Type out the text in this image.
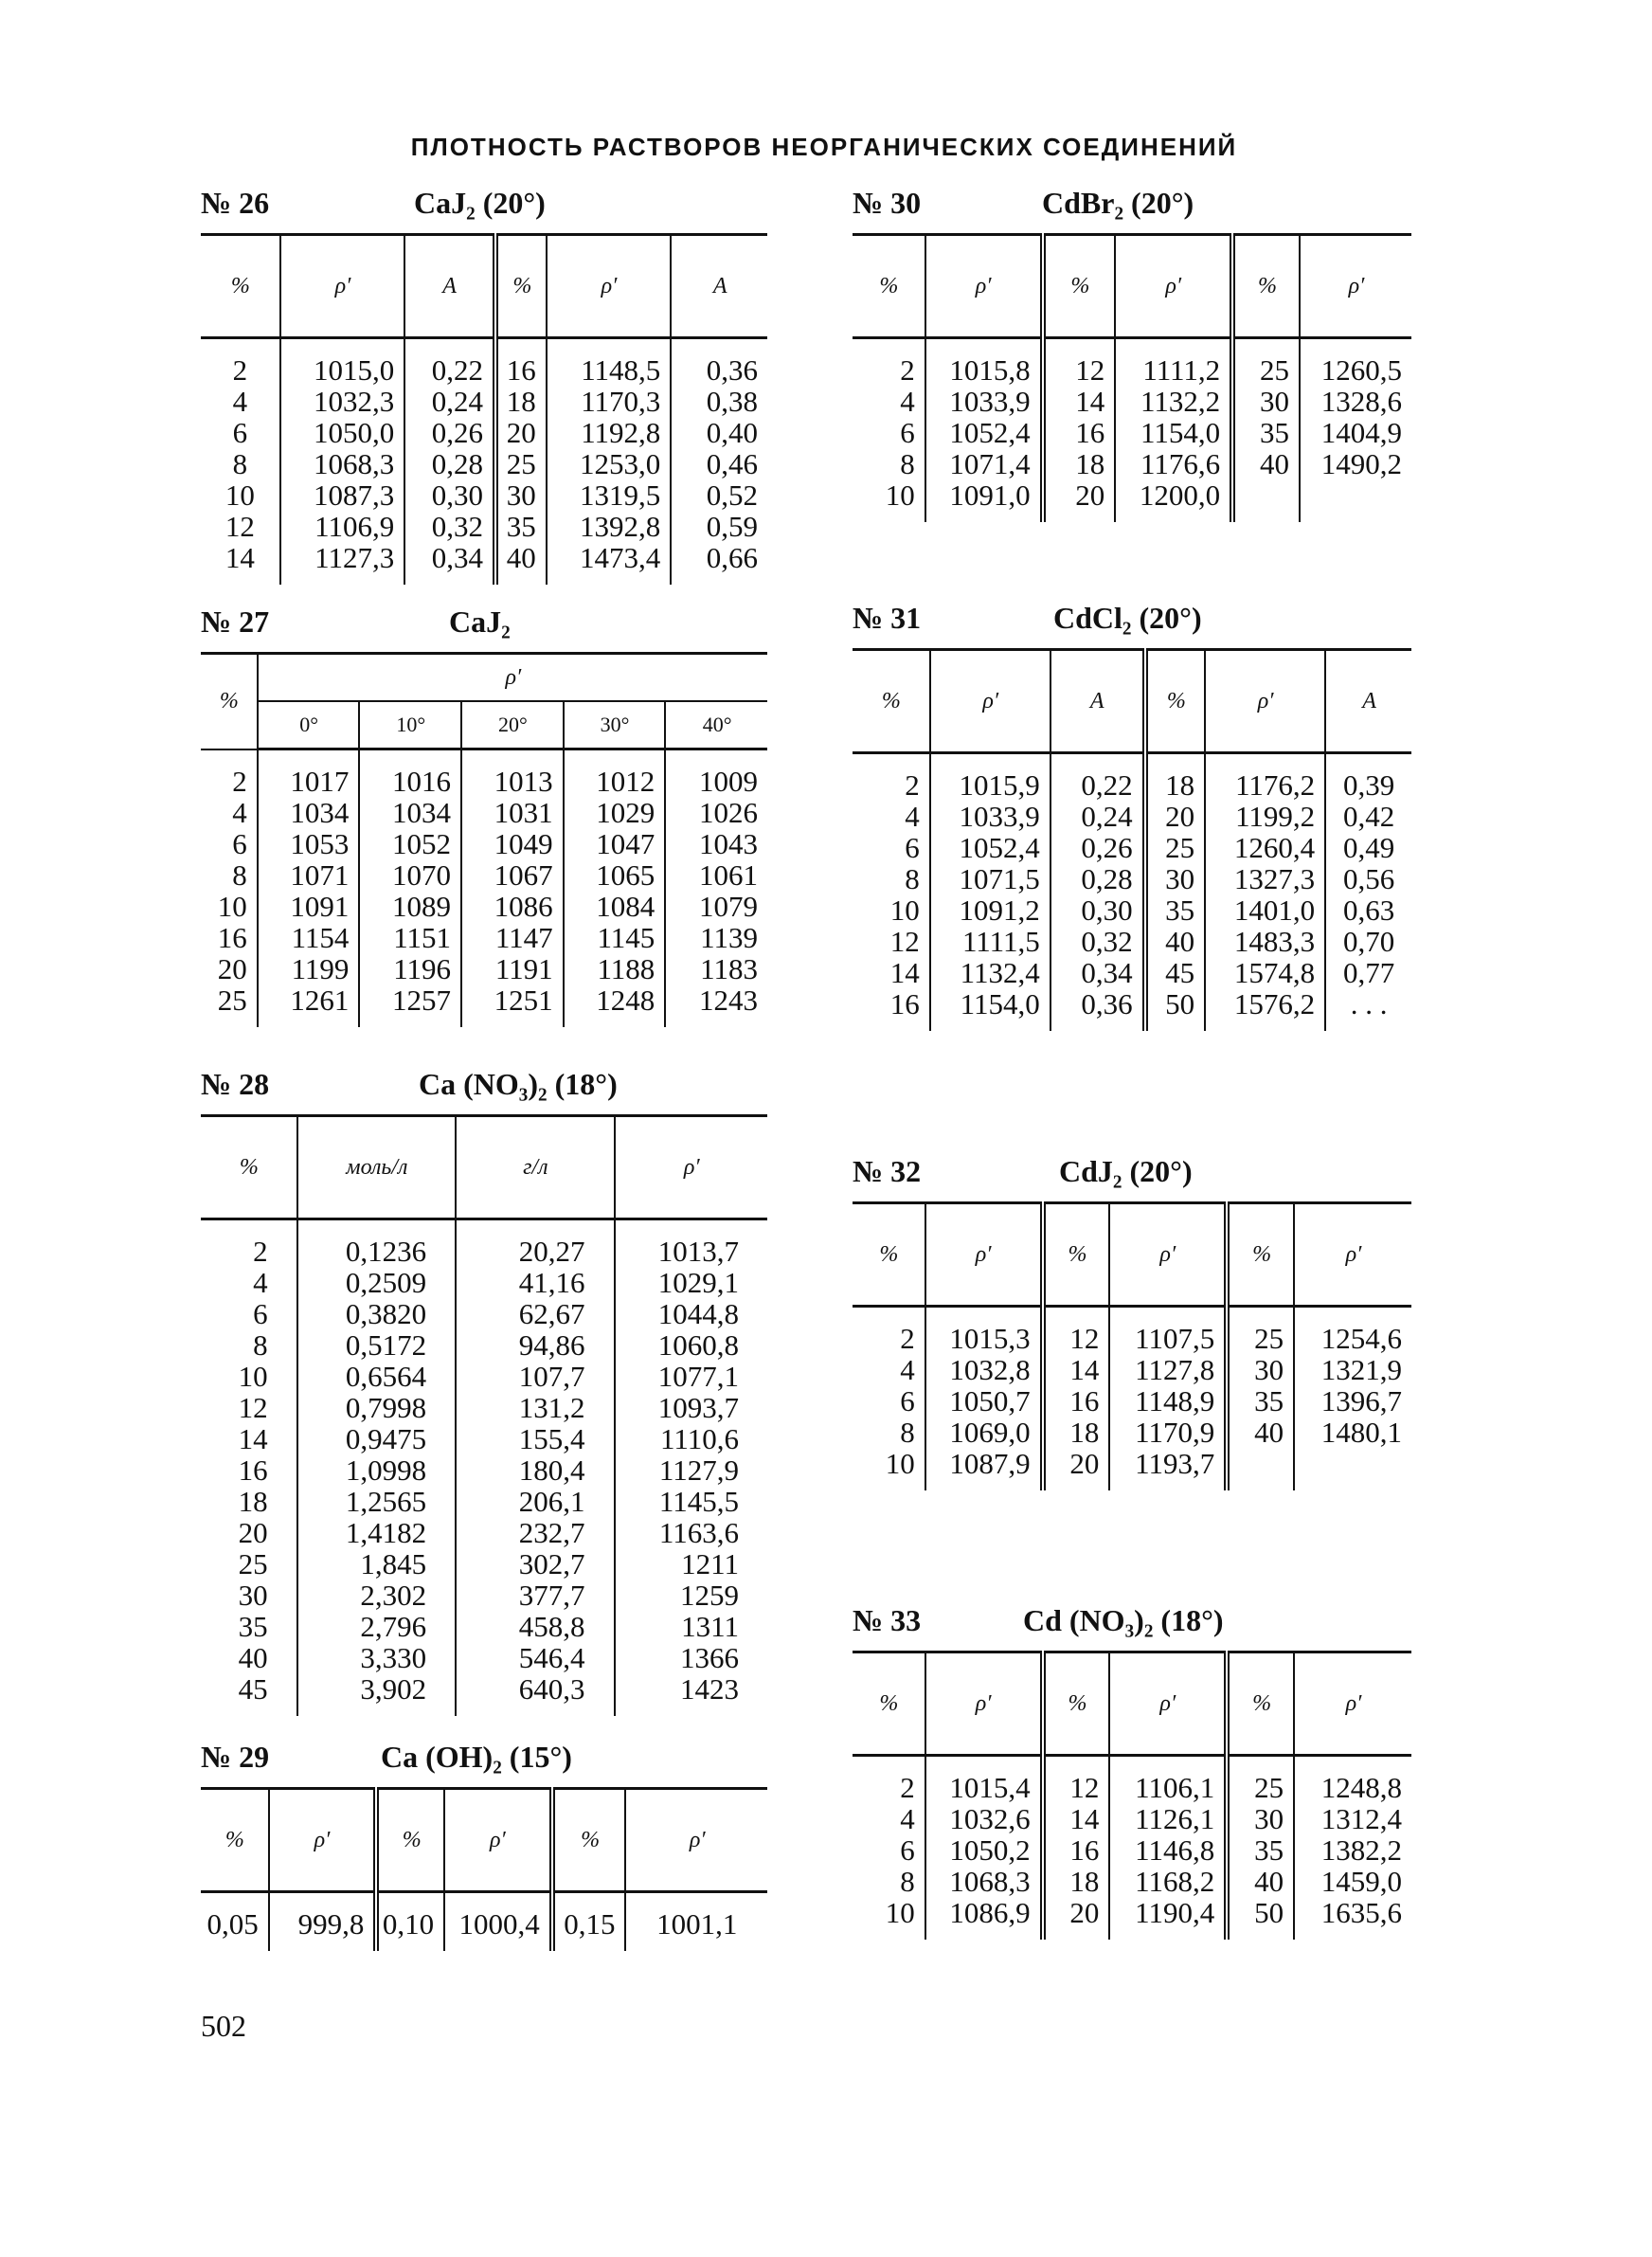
ПЛОТНОСТЬ РАСТВОРОВ НЕОРГАНИЧЕСКИХ СОЕДИНЕНИЙ
№ 26	CaJ₂ (20°)
%	ρ′	A	%	ρ′	A
2	1015,0	0,22	16	1148,5	0,36
4	1032,3	0,24	18	1170,3	0,38
6	1050,0	0,26	20	1192,8	0,40
8	1068,3	0,28	25	1253,0	0,46
10	1087,3	0,30	30	1319,5	0,52
12	1106,9	0,32	35	1392,8	0,59
14	1127,3	0,34	40	1473,4	0,66
№ 27	CaJ₂
%	ρ′				
	0°	10°	20°	30°	40°
2	1017	1016	1013	1012	1009
4	1034	1034	1031	1029	1026
6	1053	1052	1049	1047	1043
8	1071	1070	1067	1065	1061
10	1091	1089	1086	1084	1079
16	1154	1151	1147	1145	1139
20	1199	1196	1191	1188	1183
25	1261	1257	1251	1248	1243
№ 28	Ca (NO₃)₂ (18°)
%	моль/л	г/л	ρ′
2	0,1236	20,27	1013,7
4	0,2509	41,16	1029,1
6	0,3820	62,67	1044,8
8	0,5172	94,86	1060,8
10	0,6564	107,7	1077,1
12	0,7998	131,2	1093,7
14	0,9475	155,4	1110,6
16	1,0998	180,4	1127,9
18	1,2565	206,1	1145,5
20	1,4182	232,7	1163,6
25	1,845	302,7	1211
30	2,302	377,7	1259
35	2,796	458,8	1311
40	3,330	546,4	1366
45	3,902	640,3	1423
№ 29	Ca (OH)₂ (15°)
%	ρ′	%	ρ′	%	ρ′
0,05	999,8	0,10	1000,4	0,15	1001,1
№ 30	CdBr₂ (20°)
%	ρ′	%	ρ′	%	ρ′
2	1015,8	12	1111,2	25	1260,5
4	1033,9	14	1132,2	30	1328,6
6	1052,4	16	1154,0	35	1404,9
8	1071,4	18	1176,6	40	1490,2
10	1091,0	20	1200,0		
№ 31	CdCl₂ (20°)
%	ρ′	A	%	ρ′	A
2	1015,9	0,22	18	1176,2	0,39
4	1033,9	0,24	20	1199,2	0,42
6	1052,4	0,26	25	1260,4	0,49
8	1071,5	0,28	30	1327,3	0,56
10	1091,2	0,30	35	1401,0	0,63
12	1111,5	0,32	40	1483,3	0,70
14	1132,4	0,34	45	1574,8	0,77
16	1154,0	0,36	50	1576,2	. . .
№ 32	CdJ₂ (20°)
%	ρ′	%	ρ′	%	ρ′
2	1015,3	12	1107,5	25	1254,6
4	1032,8	14	1127,8	30	1321,9
6	1050,7	16	1148,9	35	1396,7
8	1069,0	18	1170,9	40	1480,1
10	1087,9	20	1193,7		
№ 33	Cd (NO₃)₂ (18°)
%	ρ′	%	ρ′	%	ρ′
2	1015,4	12	1106,1	25	1248,8
4	1032,6	14	1126,1	30	1312,4
6	1050,2	16	1146,8	35	1382,2
8	1068,3	18	1168,2	40	1459,0
10	1086,9	20	1190,4	50	1635,6
502
